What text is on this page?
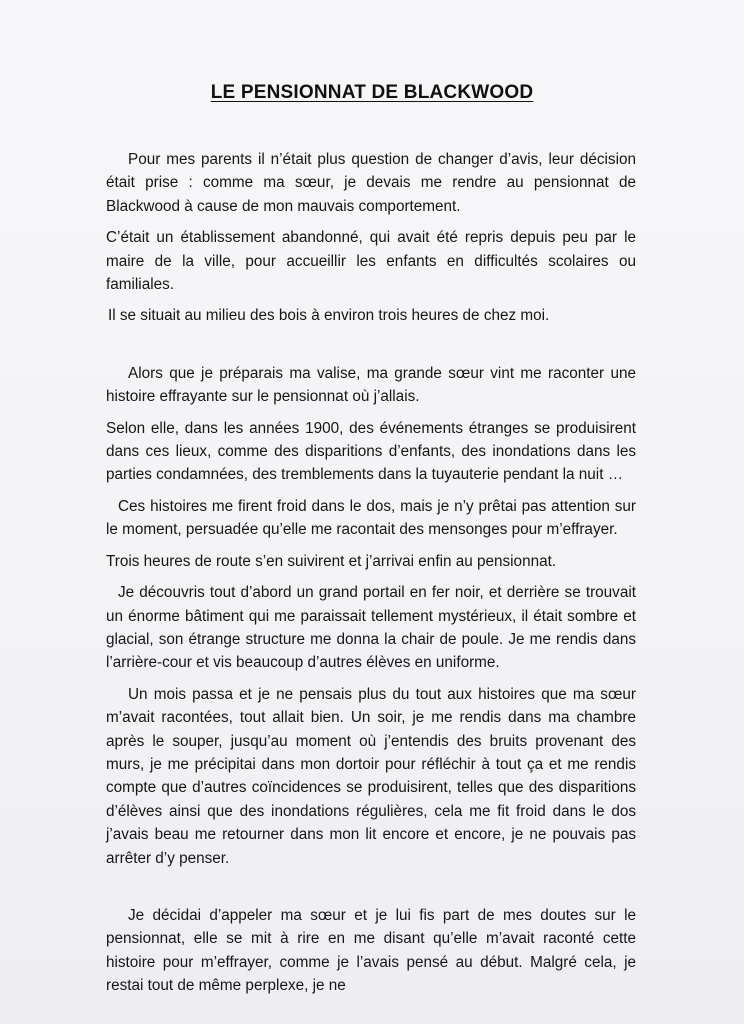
LE PENSIONNAT DE BLACKWOOD

Pour mes parents il n’était plus question de changer d’avis, leur décision était prise : comme ma sœur, je devais me rendre au pensionnat de Blackwood à cause de mon mauvais comportement.

C’était un établissement abandonné, qui avait été repris depuis peu par le maire de la ville, pour accueillir les enfants en difficultés scolaires ou familiales.

Il se situait au milieu des bois à environ trois heures de chez moi.

Alors que je préparais ma valise, ma grande sœur vint me raconter une histoire effrayante sur le pensionnat où j’allais.

Selon elle, dans les années 1900, des événements étranges se produisirent dans ces lieux, comme des disparitions d’enfants, des inondations dans les parties condamnées, des tremblements dans la tuyauterie pendant la nuit …

Ces histoires me firent froid dans le dos, mais je n’y prêtai pas attention sur le moment, persuadée qu’elle me racontait des mensonges pour m’effrayer.

Trois heures de route s’en suivirent et j’arrivai enfin au pensionnat.

Je découvris tout d’abord un grand portail en fer noir, et derrière se trouvait un énorme bâtiment qui me paraissait tellement mystérieux, il était sombre et glacial, son étrange structure me donna la chair de poule. Je me rendis dans l’arrière-cour et vis beaucoup d’autres élèves en uniforme.

Un mois passa et je ne pensais plus du tout aux histoires que ma sœur m’avait racontées, tout allait bien. Un soir, je me rendis dans ma chambre après le souper, jusqu’au moment où j’entendis des bruits provenant des murs, je me précipitai dans mon dortoir pour réfléchir à tout ça et me rendis compte que d’autres coïncidences se produisirent, telles que des disparitions d’élèves ainsi que des inondations régulières, cela me fit froid dans le dos j’avais beau me retourner dans mon lit encore et encore, je ne pouvais pas arrêter d’y penser.

Je décidai d’appeler ma sœur et je lui fis part de mes doutes sur le pensionnat, elle se mit à rire en me disant qu’elle m’avait raconté cette histoire pour m’effrayer, comme je l’avais pensé au début. Malgré cela, je restai tout de même perplexe, je ne
